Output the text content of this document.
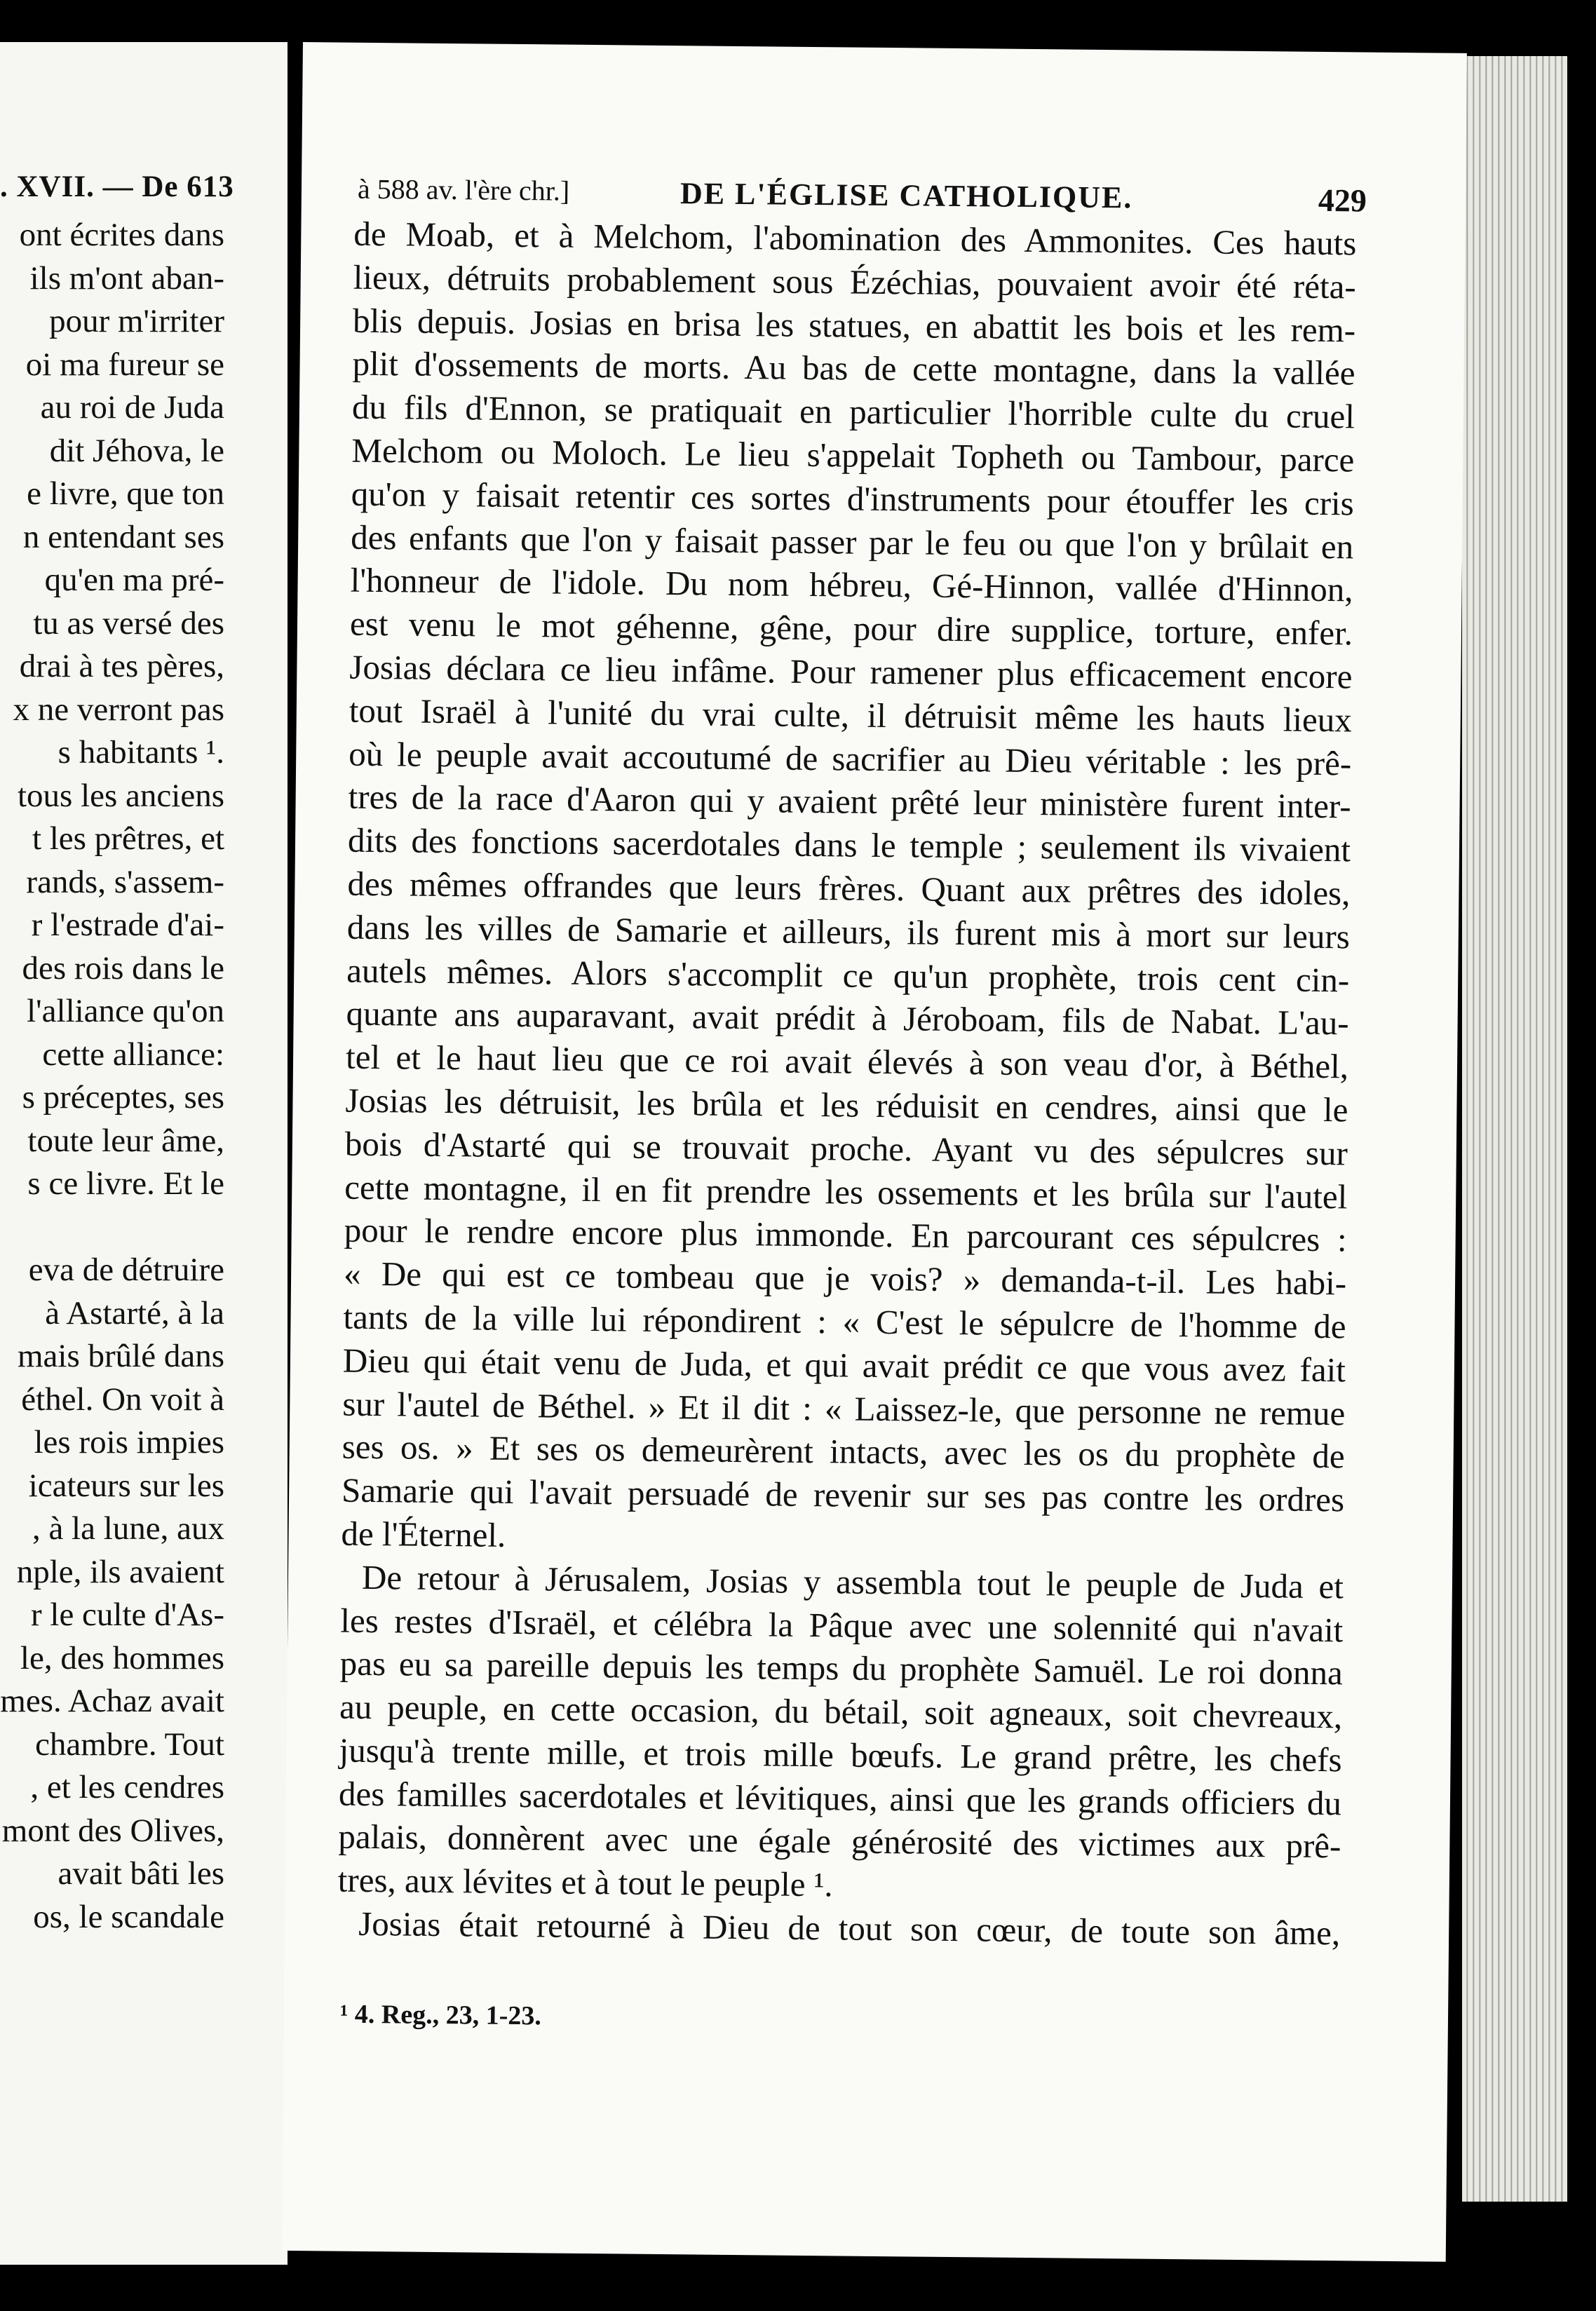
. XVII. — De 613
ont écrites dans
ils m'ont aban-
pour m'irriter
oi ma fureur se
au roi de Juda
dit Jéhova, le
e livre, que ton
n entendant ses
qu'en ma pré-
tu as versé des
drai à tes pères,
x ne verront pas
s habitants ¹.
tous les anciens
t les prêtres, et
rands, s'assem-
r l'estrade d'ai-
des rois dans le
l'alliance qu'on
cette alliance:
s préceptes, ses
toute leur âme,
s ce livre. Et le

eva de détruire
à Astarté, à la
mais brûlé dans
éthel. On voit à
les rois impies
icateurs sur les
, à la lune, aux
nple, ils avaient
r le culte d'As-
le, des hommes
mes. Achaz avait
chambre. Tout
, et les cendres
mont des Olives,
avait bâti les
os, le scandale
à 588 av. l'ère chr.]	DE L'ÉGLISE CATHOLIQUE.	429
de Moab, et à Melchom, l'abomination des Ammonites. Ces hauts
lieux, détruits probablement sous Ézéchias, pouvaient avoir été réta-
blis depuis. Josias en brisa les statues, en abattit les bois et les rem-
plit d'ossements de morts. Au bas de cette montagne, dans la vallée
du fils d'Ennon, se pratiquait en particulier l'horrible culte du cruel
Melchom ou Moloch. Le lieu s'appelait Topheth ou Tambour, parce
qu'on y faisait retentir ces sortes d'instruments pour étouffer les cris
des enfants que l'on y faisait passer par le feu ou que l'on y brûlait en
l'honneur de l'idole. Du nom hébreu, Gé-Hinnon, vallée d'Hinnon,
est venu le mot géhenne, gêne, pour dire supplice, torture, enfer.
Josias déclara ce lieu infâme. Pour ramener plus efficacement encore
tout Israël à l'unité du vrai culte, il détruisit même les hauts lieux
où le peuple avait accoutumé de sacrifier au Dieu véritable : les prê-
tres de la race d'Aaron qui y avaient prêté leur ministère furent inter-
dits des fonctions sacerdotales dans le temple ; seulement ils vivaient
des mêmes offrandes que leurs frères. Quant aux prêtres des idoles,
dans les villes de Samarie et ailleurs, ils furent mis à mort sur leurs
autels mêmes. Alors s'accomplit ce qu'un prophète, trois cent cin-
quante ans auparavant, avait prédit à Jéroboam, fils de Nabat. L'au-
tel et le haut lieu que ce roi avait élevés à son veau d'or, à Béthel,
Josias les détruisit, les brûla et les réduisit en cendres, ainsi que le
bois d'Astarté qui se trouvait proche. Ayant vu des sépulcres sur
cette montagne, il en fit prendre les ossements et les brûla sur l'autel
pour le rendre encore plus immonde. En parcourant ces sépulcres :
« De qui est ce tombeau que je vois? » demanda-t-il. Les habi-
tants de la ville lui répondirent : « C'est le sépulcre de l'homme de
Dieu qui était venu de Juda, et qui avait prédit ce que vous avez fait
sur l'autel de Béthel. » Et il dit : « Laissez-le, que personne ne remue
ses os. » Et ses os demeurèrent intacts, avec les os du prophète de
Samarie qui l'avait persuadé de revenir sur ses pas contre les ordres
de l'Éternel.
De retour à Jérusalem, Josias y assembla tout le peuple de Juda et
les restes d'Israël, et célébra la Pâque avec une solennité qui n'avait
pas eu sa pareille depuis les temps du prophète Samuël. Le roi donna
au peuple, en cette occasion, du bétail, soit agneaux, soit chevreaux,
jusqu'à trente mille, et trois mille bœufs. Le grand prêtre, les chefs
des familles sacerdotales et lévitiques, ainsi que les grands officiers du
palais, donnèrent avec une égale générosité des victimes aux prê-
tres, aux lévites et à tout le peuple ¹.
Josias était retourné à Dieu de tout son cœur, de toute son âme,
¹ 4. Reg., 23, 1-23.
